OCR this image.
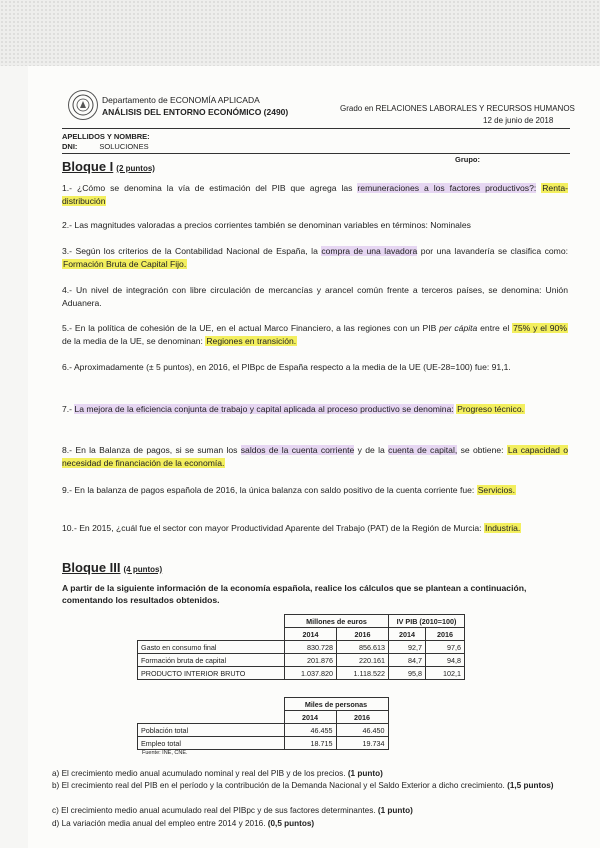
Departamento de ECONOMÍA APLICADA
ANÁLISIS DEL ENTORNO ECONÓMICO (2490)	Grado en RELACIONES LABORALES Y RECURSOS HUMANOS
12 de junio de 2018
APELLIDOS Y NOMBRE:
DNI:	SOLUCIONES
Grupo:
Bloque I (2 puntos)
1.- ¿Cómo se denomina la vía de estimación del PIB que agrega las remuneraciones a los factores productivos?: Renta- distribución
2.- Las magnitudes valoradas a precios corrientes también se denominan variables en términos: Nominales
3.- Según los criterios de la Contabilidad Nacional de España, la compra de una lavadora por una lavandería se clasifica como: Formación Bruta de Capital Fijo.
4.- Un nivel de integración con libre circulación de mercancías y arancel común frente a terceros países, se denomina: Unión Aduanera.
5.- En la política de cohesión de la UE, en el actual Marco Financiero, a las regiones con un PIB per cápita entre el 75% y el 90% de la media de la UE, se denominan: Regiones en transición.
6.- Aproximadamente (± 5 puntos), en 2016, el PIBpc de España respecto a la media de la UE (UE-28=100) fue: 91,1.
7.- La mejora de la eficiencia conjunta de trabajo y capital aplicada al proceso productivo se denomina: Progreso técnico.
8.- En la Balanza de pagos, si se suman los saldos de la cuenta corriente y de la cuenta de capital, se obtiene: La capacidad o necesidad de financiación de la economía.
9.- En la balanza de pagos española de 2016, la única balanza con saldo positivo de la cuenta corriente fue: Servicios.
10.- En 2015, ¿cuál fue el sector con mayor Productividad Aparente del Trabajo (PAT) de la Región de Murcia: Industria.
Bloque III (4 puntos)
A partir de la siguiente información de la economía española, realice los cálculos que se plantean a continuación, comentando los resultados obtenidos.
	Millones de euros		IV PIB (2010=100)	
	2014	2016	2014	2016
Gasto en consumo final	830.728	856.613	92,7	97,6
Formación bruta de capital	201.876	220.161	84,7	94,8
PRODUCTO INTERIOR BRUTO	1.037.820	1.118.522	95,8	102,1
	Miles de personas	
	2014	2016
Población total	46.455	46.450
Empleo total	18.715	19.734
Fuente: INE, CNE.
a) El crecimiento medio anual acumulado nominal y real del PIB y de los precios. (1 punto)
b) El crecimiento real del PIB en el período y la contribución de la Demanda Nacional y el Saldo Exterior a dicho crecimiento. (1,5 puntos)
c) El crecimiento medio anual acumulado real del PIBpc y de sus factores determinantes. (1 punto)
d) La variación media anual del empleo entre 2014 y 2016. (0,5 puntos)
